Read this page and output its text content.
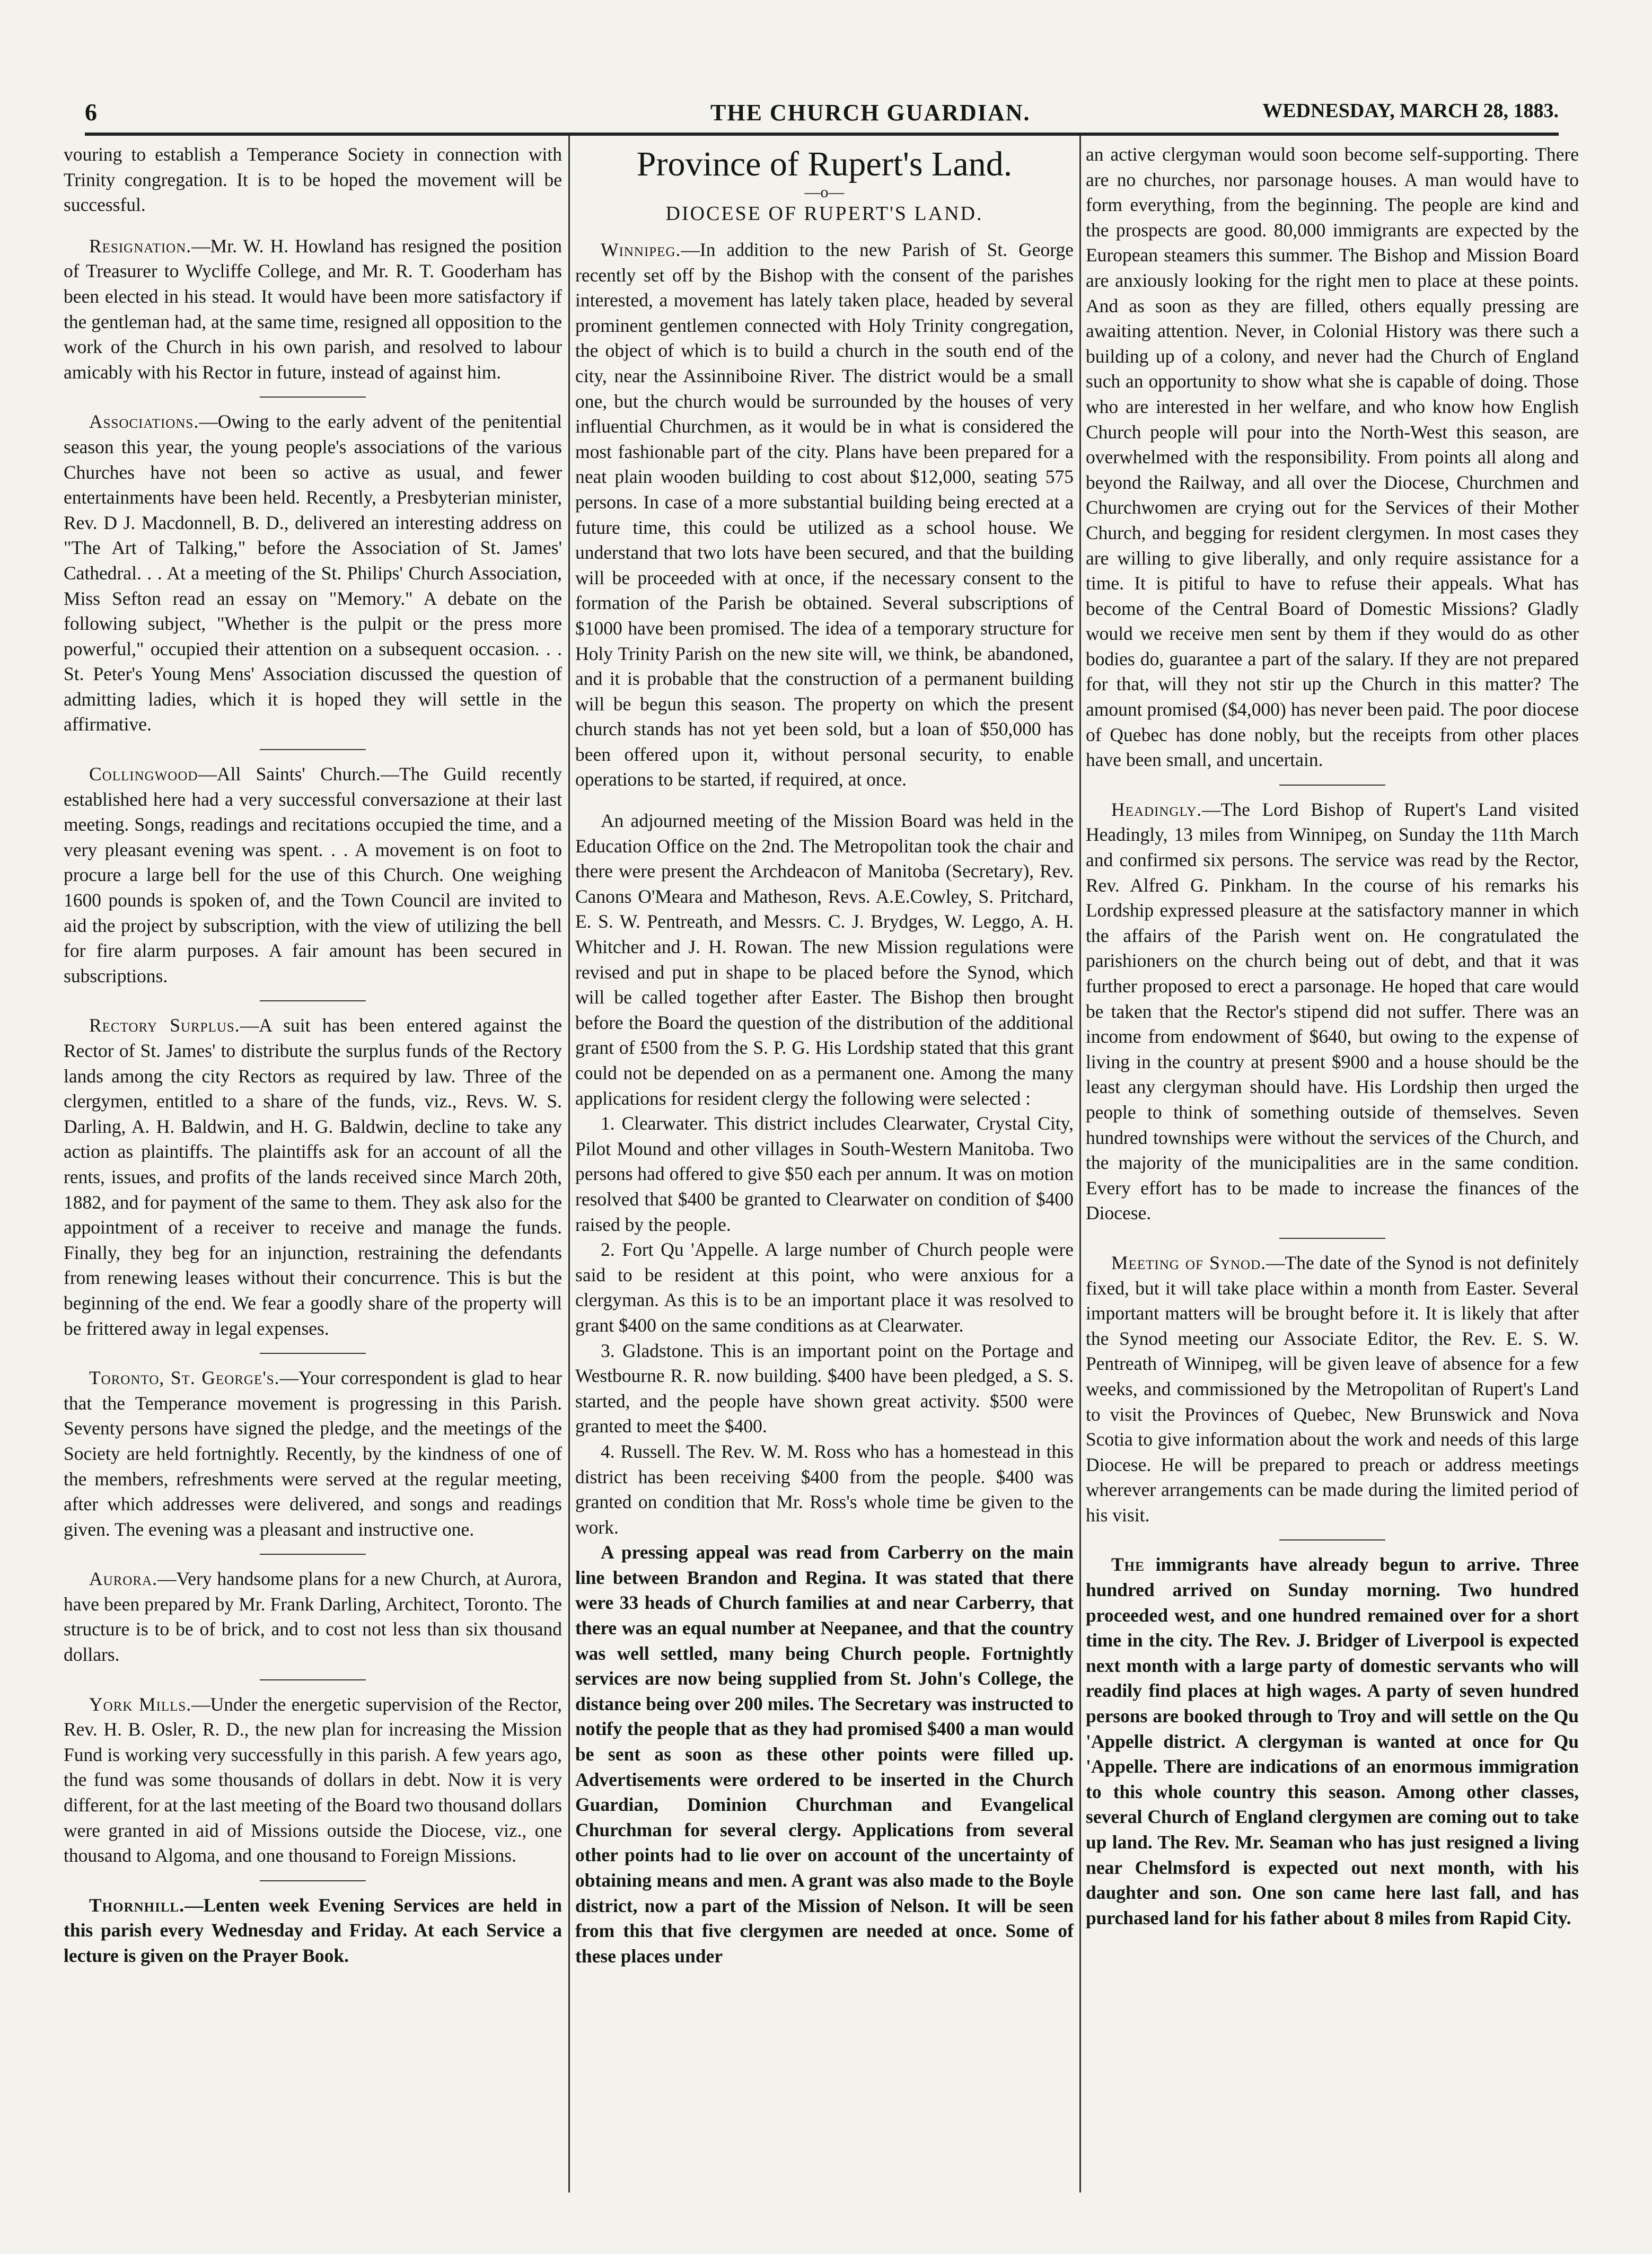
6	THE CHURCH GUARDIAN.	WEDNESDAY, MARCH 28, 1883.

vouring to establish a Temperance Society in connection with Trinity congregation. It is to be hoped the movement will be successful.

Resignation.—Mr. W. H. Howland has resigned the position of Treasurer to Wycliffe College, and Mr. R. T. Gooderham has been elected in his stead. It would have been more satisfactory if the gentleman had, at the same time, resigned all opposition to the work of the Church in his own parish, and resolved to labour amicably with his Rector in future, instead of against him.

Associations.—Owing to the early advent of the penitential season this year, the young people's associations of the various Churches have not been so active as usual, and fewer entertainments have been held. Recently, a Presbyterian minister, Rev. D J. Macdonnell, B. D., delivered an interesting address on "The Art of Talking," before the Association of St. James' Cathedral. . . At a meeting of the St. Philips' Church Association, Miss Sefton read an essay on "Memory." A debate on the following subject, "Whether is the pulpit or the press more powerful," occupied their attention on a subsequent occasion. . . St. Peter's Young Mens' Association discussed the question of admitting ladies, which it is hoped they will settle in the affirmative.

Collingwood—All Saints' Church.—The Guild recently established here had a very successful conversazione at their last meeting. Songs, readings and recitations occupied the time, and a very pleasant evening was spent. . . A movement is on foot to procure a large bell for the use of this Church. One weighing 1600 pounds is spoken of, and the Town Council are invited to aid the project by subscription, with the view of utilizing the bell for fire alarm purposes. A fair amount has been secured in subscriptions.

Rectory Surplus.—A suit has been entered against the Rector of St. James' to distribute the surplus funds of the Rectory lands among the city Rectors as required by law. Three of the clergymen, entitled to a share of the funds, viz., Revs. W. S. Darling, A. H. Baldwin, and H. G. Baldwin, decline to take any action as plaintiffs. The plaintiffs ask for an account of all the rents, issues, and profits of the lands received since March 20th, 1882, and for payment of the same to them. They ask also for the appointment of a receiver to receive and manage the funds. Finally, they beg for an injunction, restraining the defendants from renewing leases without their concurrence. This is but the beginning of the end. We fear a goodly share of the property will be frittered away in legal expenses.

Toronto, St. George's.—Your correspondent is glad to hear that the Temperance movement is progressing in this Parish. Seventy persons have signed the pledge, and the meetings of the Society are held fortnightly. Recently, by the kindness of one of the members, refreshments were served at the regular meeting, after which addresses were delivered, and songs and readings given. The evening was a pleasant and instructive one.

Aurora.—Very handsome plans for a new Church, at Aurora, have been prepared by Mr. Frank Darling, Architect, Toronto. The structure is to be of brick, and to cost not less than six thousand dollars.

York Mills.—Under the energetic supervision of the Rector, Rev. H. B. Osler, R. D., the new plan for increasing the Mission Fund is working very successfully in this parish. A few years ago, the fund was some thousands of dollars in debt. Now it is very different, for at the last meeting of the Board two thousand dollars were granted in aid of Missions outside the Diocese, viz., one thousand to Algoma, and one thousand to Foreign Missions.

Thornhill.—Lenten week Evening Services are held in this parish every Wednesday and Friday. At each Service a lecture is given on the Prayer Book.

Province of Rupert's Land.

—o—

DIOCESE OF RUPERT'S LAND.

Winnipeg.—In addition to the new Parish of St. George recently set off by the Bishop with the consent of the parishes interested, a movement has lately taken place, headed by several prominent gentlemen connected with Holy Trinity congregation, the object of which is to build a church in the south end of the city, near the Assinniboine River. The district would be a small one, but the church would be surrounded by the houses of very influential Churchmen, as it would be in what is considered the most fashionable part of the city. Plans have been prepared for a neat plain wooden building to cost about $12,000, seating 575 persons. In case of a more substantial building being erected at a future time, this could be utilized as a school house. We understand that two lots have been secured, and that the building will be proceeded with at once, if the necessary consent to the formation of the Parish be obtained. Several subscriptions of $1000 have been promised. The idea of a temporary structure for Holy Trinity Parish on the new site will, we think, be abandoned, and it is probable that the construction of a permanent building will be begun this season. The property on which the present church stands has not yet been sold, but a loan of $50,000 has been offered upon it, without personal security, to enable operations to be started, if required, at once.

An adjourned meeting of the Mission Board was held in the Education Office on the 2nd. The Metropolitan took the chair and there were present the Archdeacon of Manitoba (Secretary), Rev. Canons O'Meara and Matheson, Revs. A.E.Cowley, S. Pritchard, E. S. W. Pentreath, and Messrs. C. J. Brydges, W. Leggo, A. H. Whitcher and J. H. Rowan. The new Mission regulations were revised and put in shape to be placed before the Synod, which will be called together after Easter. The Bishop then brought before the Board the question of the distribution of the additional grant of £500 from the S. P. G. His Lordship stated that this grant could not be depended on as a permanent one. Among the many applications for resident clergy the following were selected :

1. Clearwater. This district includes Clearwater, Crystal City, Pilot Mound and other villages in South-Western Manitoba. Two persons had offered to give $50 each per annum. It was on motion resolved that $400 be granted to Clearwater on condition of $400 raised by the people.

2. Fort Qu 'Appelle. A large number of Church people were said to be resident at this point, who were anxious for a clergyman. As this is to be an important place it was resolved to grant $400 on the same conditions as at Clearwater.

3. Gladstone. This is an important point on the Portage and Westbourne R. R. now building. $400 have been pledged, a S. S. started, and the people have shown great activity. $500 were granted to meet the $400.

4. Russell. The Rev. W. M. Ross who has a homestead in this district has been receiving $400 from the people. $400 was granted on condition that Mr. Ross's whole time be given to the work.

A pressing appeal was read from Carberry on the main line between Brandon and Regina. It was stated that there were 33 heads of Church families at and near Carberry, that there was an equal number at Neepanee, and that the country was well settled, many being Church people. Fortnightly services are now being supplied from St. John's College, the distance being over 200 miles. The Secretary was instructed to notify the people that as they had promised $400 a man would be sent as soon as these other points were filled up. Advertisements were ordered to be inserted in the Church Guardian, Dominion Churchman and Evangelical Churchman for several clergy. Applications from several other points had to lie over on account of the uncertainty of obtaining means and men. A grant was also made to the Boyle district, now a part of the Mission of Nelson. It will be seen from this that five clergymen are needed at once. Some of these places under

an active clergyman would soon become self-supporting. There are no churches, nor parsonage houses. A man would have to form everything, from the beginning. The people are kind and the prospects are good. 80,000 immigrants are expected by the European steamers this summer. The Bishop and Mission Board are anxiously looking for the right men to place at these points. And as soon as they are filled, others equally pressing are awaiting attention. Never, in Colonial History was there such a building up of a colony, and never had the Church of England such an opportunity to show what she is capable of doing. Those who are interested in her welfare, and who know how English Church people will pour into the North-West this season, are overwhelmed with the responsibility. From points all along and beyond the Railway, and all over the Diocese, Churchmen and Churchwomen are crying out for the Services of their Mother Church, and begging for resident clergymen. In most cases they are willing to give liberally, and only require assistance for a time. It is pitiful to have to refuse their appeals. What has become of the Central Board of Domestic Missions? Gladly would we receive men sent by them if they would do as other bodies do, guarantee a part of the salary. If they are not prepared for that, will they not stir up the Church in this matter? The amount promised ($4,000) has never been paid. The poor diocese of Quebec has done nobly, but the receipts from other places have been small, and uncertain.

Headingly.—The Lord Bishop of Rupert's Land visited Headingly, 13 miles from Winnipeg, on Sunday the 11th March and confirmed six persons. The service was read by the Rector, Rev. Alfred G. Pinkham. In the course of his remarks his Lordship expressed pleasure at the satisfactory manner in which the affairs of the Parish went on. He congratulated the parishioners on the church being out of debt, and that it was further proposed to erect a parsonage. He hoped that care would be taken that the Rector's stipend did not suffer. There was an income from endowment of $640, but owing to the expense of living in the country at present $900 and a house should be the least any clergyman should have. His Lordship then urged the people to think of something outside of themselves. Seven hundred townships were without the services of the Church, and the majority of the municipalities are in the same condition. Every effort has to be made to increase the finances of the Diocese.

Meeting of Synod.—The date of the Synod is not definitely fixed, but it will take place within a month from Easter. Several important matters will be brought before it. It is likely that after the Synod meeting our Associate Editor, the Rev. E. S. W. Pentreath of Winnipeg, will be given leave of absence for a few weeks, and commissioned by the Metropolitan of Rupert's Land to visit the Provinces of Quebec, New Brunswick and Nova Scotia to give information about the work and needs of this large Diocese. He will be prepared to preach or address meetings wherever arrangements can be made during the limited period of his visit.

The immigrants have already begun to arrive. Three hundred arrived on Sunday morning. Two hundred proceeded west, and one hundred remained over for a short time in the city. The Rev. J. Bridger of Liverpool is expected next month with a large party of domestic servants who will readily find places at high wages. A party of seven hundred persons are booked through to Troy and will settle on the Qu 'Appelle district. A clergyman is wanted at once for Qu 'Appelle. There are indications of an enormous immigration to this whole country this season. Among other classes, several Church of England clergymen are coming out to take up land. The Rev. Mr. Seaman who has just resigned a living near Chelmsford is expected out next month, with his daughter and son. One son came here last fall, and has purchased land for his father about 8 miles from Rapid City.
